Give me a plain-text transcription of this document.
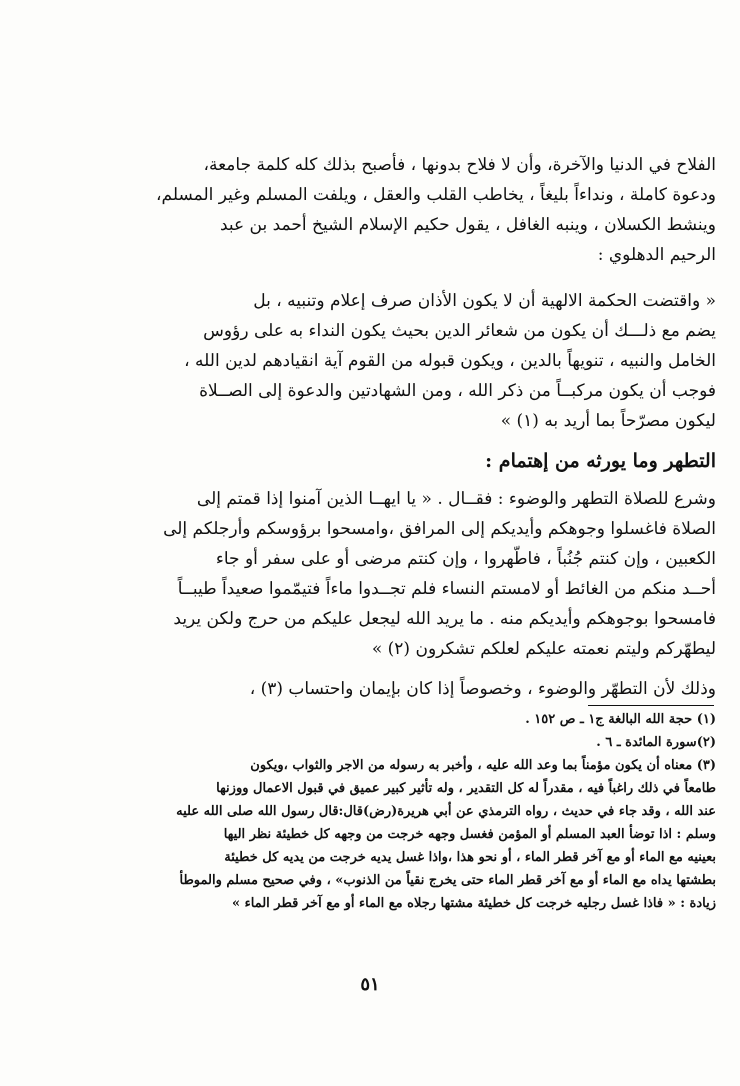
الفلاح في الدنيا والآخرة، وأن لا فلاح بدونها ، فأصبح بذلك كله كلمة جامعة،
ودعوة كاملة ، ونداءاً بليغاً ، يخاطب القلب والعقل ، ويلفت المسلم وغير المسلم،
وينشط الكسلان ، وينبه الغافل ، يقول حكيم الإسلام الشيخ أحمد بن عبد
الرحيم الدهلوي :
« واقتضت الحكمة الالهية أن لا يكون الأذان صرف إعلام وتنبيه ، بل
يضم مع ذلـــك أن يكون من شعائر الدين بحيث يكون النداء به على رؤوس
الخامل والنبيه ، تنويهاً بالدين ، ويكون قبوله من القوم آية انقيادهم لدين الله ،
فوجب أن يكون مركبــاً من ذكر الله ، ومن الشهادتين والدعوة إلى الصــلاة
ليكون مصرّحاً بما أريد به (١) »
التطهر وما يورثه من إهتمام :
وشرع للصلاة التطهر والوضوء : فقــال . « يا ايهــا الذين آمنوا إذا قمتم إلى
الصلاة فاغسلوا وجوهكم وأيديكم إلى المرافق ،وامسحوا برؤوسكم وأرجلكم إلى
الكعبين ، وإن كنتم جُنُباً ، فاطّهروا ، وإن كنتم مرضى أو على سفر أو جاء
أحــد منكم من الغائط أو لامستم النساء فلم تجــدوا ماءاً فتيمّموا صعيداً طيبــاً
فامسحوا بوجوهكم وأيديكم منه . ما يريد الله ليجعل عليكم من حرج ولكن يريد
ليطهّركم وليتم نعمته عليكم لعلكم تشكرون (٢) »
وذلك لأن التطهّر والوضوء ، وخصوصاً إذا كان بإيمان واحتساب (٣) ،
(١) حجة الله البالغة ج١ ـ ص ١٥٢ .
(٢)سورة المائدة ـ ٦ .
(٣) معناه أن يكون مؤمناً بما وعد الله عليه ، وأخبر به رسوله من الاجر والثواب ،ويكون
طامعاً في ذلك راغباً فيه ، مقدراً له كل التقدير ، وله تأثير كبير عميق في قبول الاعمال ووزنها
عند الله ، وقد جاء في حديث ، رواه الترمذي عن أبي هريرة(رض)قال:قال رسول الله صلى الله عليه
وسلم : اذا توضأ العبد المسلم أو المؤمن فغسل وجهه خرجت من وجهه كل خطيئة نظر اليها
بعينيه مع الماء أو مع آخر قطر الماء ، أو نحو هذا ،واذا غسل يديه خرجت من يديه كل خطيئة
بطشتها يداه مع الماء أو مع آخر قطر الماء حتى يخرج نقياً من الذنوب» ، وفي صحيح مسلم والموطأ
زيادة : « فاذا غسل رجليه خرجت كل خطيئة مشتها رجلاه مع الماء أو مع آخر قطر الماء »
٥١
